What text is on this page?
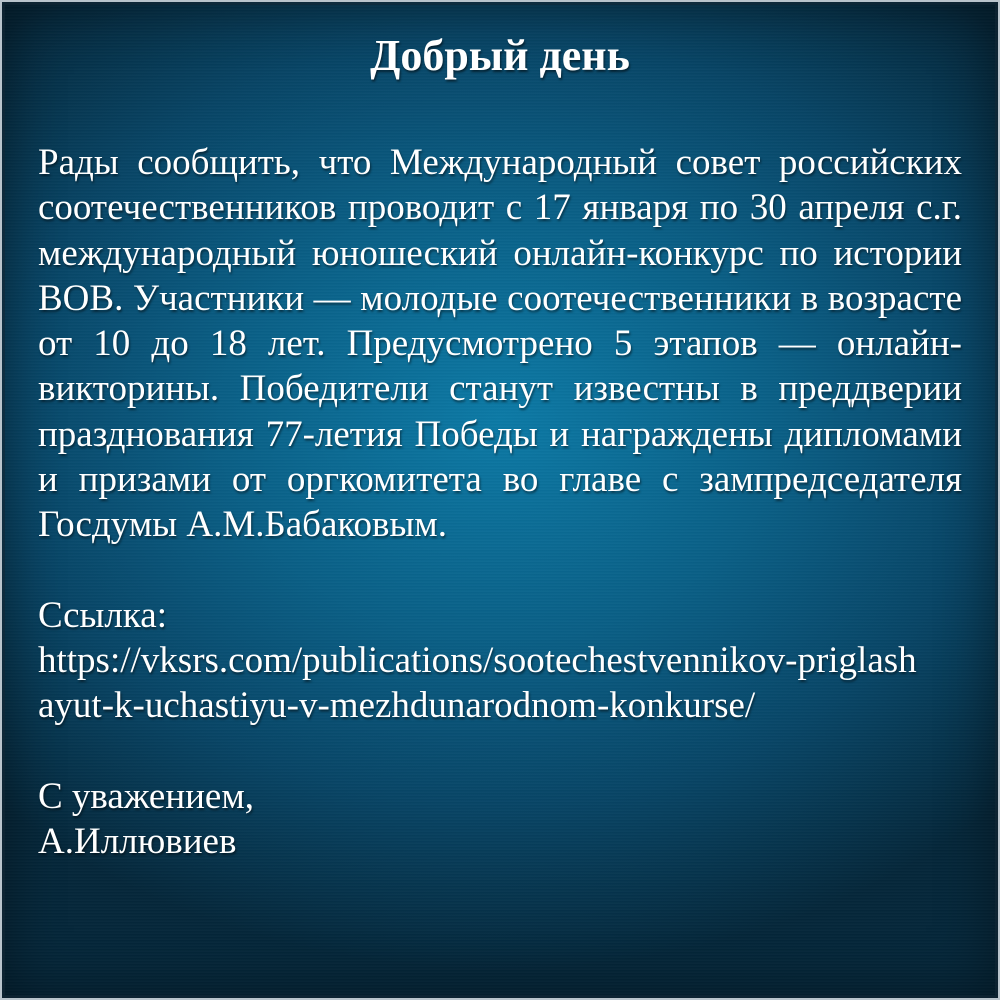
Добрый день

Рады сообщить, что Международный совет российских соотечественников проводит с 17 января по 30 апреля с.г. международный юношеский онлайн-конкурс по истории ВОВ. Участники — молодые соотечественники в возрасте от 10 до 18 лет. Предусмотрено 5 этапов — онлайн-викторины. Победители станут известны в преддверии празднования 77-летия Победы и награждены дипломами и призами от оргкомитета во главе с зампредседателя Госдумы А.М.Бабаковым.

Ссылка:
https://vksrs.com/publications/sootechestvennikov-priglashayut-k-uchastiyu-v-mezhdunarodnom-konkurse/
С уважением,
А.Иллювиев
